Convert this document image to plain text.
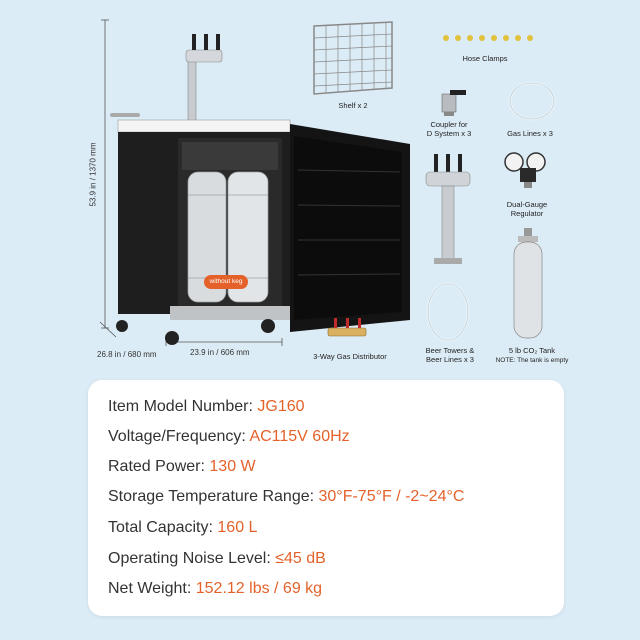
53.9 in / 1370 mm
26.8 in / 680 mm	23.9 in / 606 mm
without keg
Shelf x 2
Hose Clamps
Coupler for
D System x 3	Gas Lines x 3
Dual-Gauge
Regulator
Beer Towers &
Beer Lines x 3
5 lb CO₂ Tank
NOTE: The tank is empty
3-Way Gas Distributor
Item Model Number: JG160
Voltage/Frequency: AC115V 60Hz
Rated Power: 130 W
Storage Temperature Range: 30°F-75°F / -2~24°C
Total Capacity: 160 L
Operating Noise Level: ≤45 dB
Net Weight: 152.12 lbs / 69 kg
